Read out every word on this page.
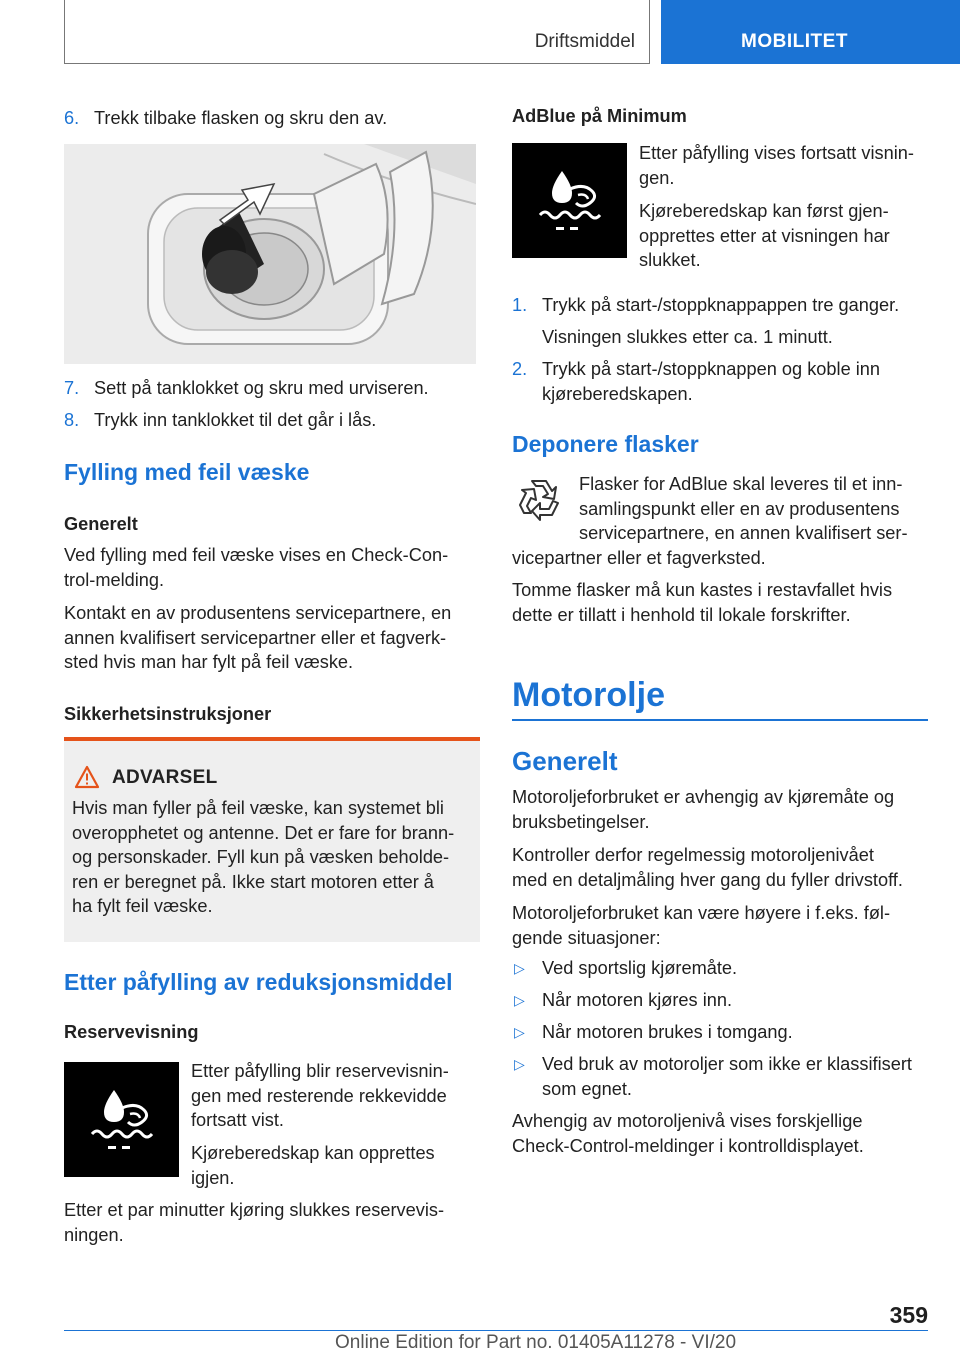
Driftsmiddel	MOBILITET
6. Trekk tilbake flasken og skru den av.
7. Sett på tanklokket og skru med urviseren.
8. Trykk inn tanklokket til det går i lås.
Fylling med feil væske
Generelt
Ved fylling med feil væske vises en Check-Con-
trol-melding.
Kontakt en av produsentens servicepartnere, en
annen kvalifisert servicepartner eller et fagverk-
sted hvis man har fylt på feil væske.
Sikkerhetsinstruksjoner
ADVARSEL
Hvis man fyller på feil væske, kan systemet bli
overopphetet og antenne. Det er fare for brann-
og personskader. Fyll kun på væsken beholde-
ren er beregnet på. Ikke start motoren etter å
ha fylt feil væske.
Etter påfylling av reduksjonsmiddel
Reservevisning
Etter påfylling blir reservevisnin-
gen med resterende rekkevidde
fortsatt vist.
Kjøreberedskap kan opprettes
igjen.
Etter et par minutter kjøring slukkes reservevis-
ningen.
AdBlue på Minimum
Etter påfylling vises fortsatt visnin-
gen.
Kjøreberedskap kan først gjen-
opprettes etter at visningen har
slukket.
1. Trykk på start-/stoppknappappen tre ganger.
Visningen slukkes etter ca. 1 minutt.
2. Trykk på start-/stoppknappen og koble inn
kjøreberedskapen.
Deponere flasker
Flasker for AdBlue skal leveres til et inn-
samlingspunkt eller en av produsentens
servicepartnere, en annen kvalifisert ser-
vicepartner eller et fagverksted.
Tomme flasker må kun kastes i restavfallet hvis
dette er tillatt i henhold til lokale forskrifter.
Motorolje
Generelt
Motoroljeforbruket er avhengig av kjøremåte og
bruksbetingelser.
Kontroller derfor regelmessig motoroljenivået
med en detaljmåling hver gang du fyller drivstoff.
Motoroljeforbruket kan være høyere i f.eks. føl-
gende situasjoner:
▷ Ved sportslig kjøremåte.
▷ Når motoren kjøres inn.
▷ Når motoren brukes i tomgang.
▷ Ved bruk av motoroljer som ikke er klassifisert
som egnet.
Avhengig av motoroljenivå vises forskjellige
Check-Control-meldinger i kontrolldisplayet.
359
Online Edition for Part no. 01405A11278 - VI/20
